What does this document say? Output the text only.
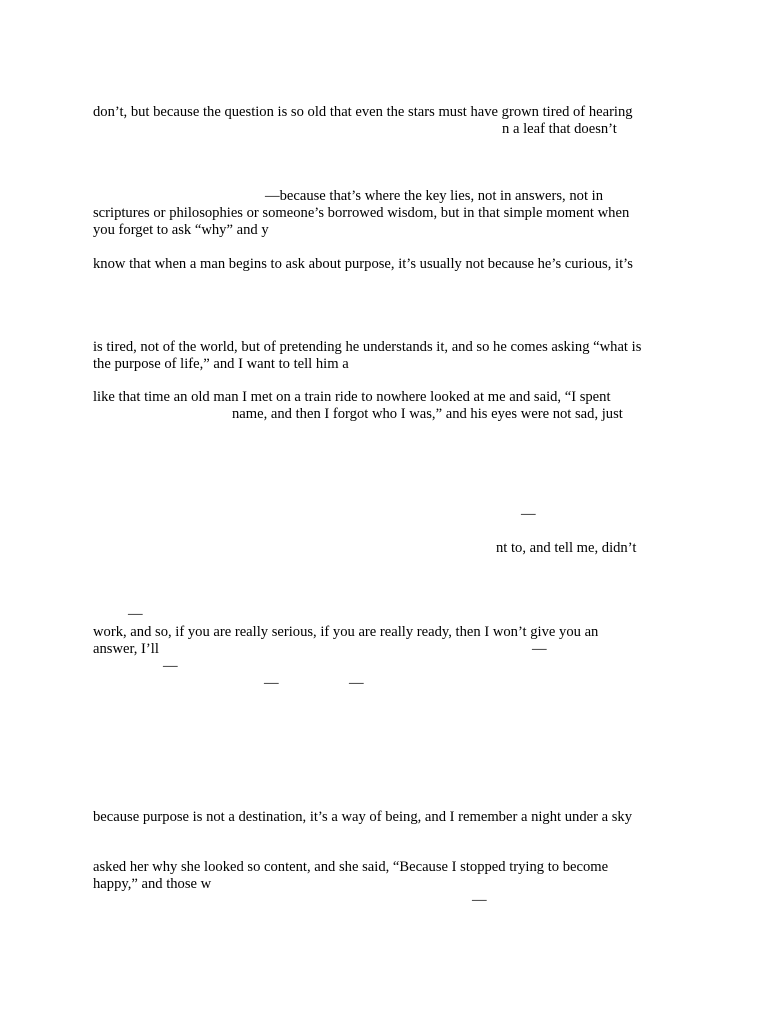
don’t, but because the question is so old that even the stars must have grown tired of hearing

n a leaf that doesn’t

—because that’s where the key lies, not in answers, not in

scriptures or philosophies or someone’s borrowed wisdom, but in that simple moment when

you forget to ask “why” and y

know that when a man begins to ask about purpose, it’s usually not because he’s curious, it’s

is tired, not of the world, but of pretending he understands it, and so he comes asking “what is

the purpose of life,” and I want to tell him a

like that time an old man I met on a train ride to nowhere looked at me and said, “I spent

name, and then I forgot who I was,” and his eyes were not sad, just

—

nt to, and tell me, didn’t

—

work, and so, if you are really serious, if you are really ready, then I won’t give you an

answer, I’ll	—

—

—	—

because purpose is not a destination, it’s a way of being, and I remember a night under a sky

asked her why she looked so content, and she said, “Because I stopped trying to become

happy,” and those w

—
